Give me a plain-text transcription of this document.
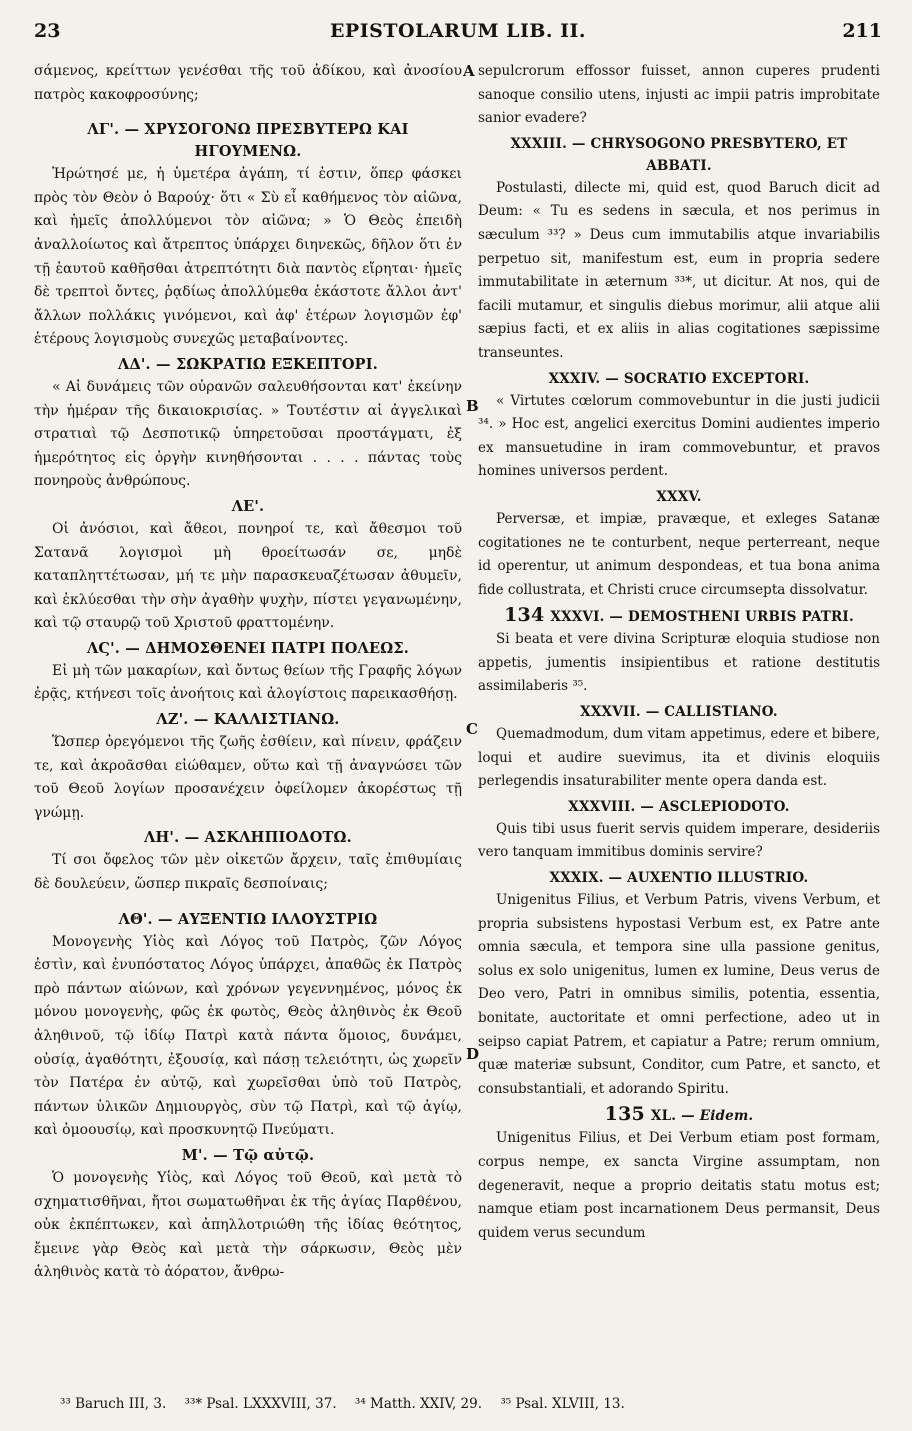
23	EPISTOLARUM LIB. II.	211
A
B
C
D

σάμενος, κρείττων γενέσθαι τῆς τοῦ ἀδίκου, καὶ ἀνοσίου πατρὸς κακοφροσύνης;

ΛΓ'. — ΧΡΥΣΟΓΟΝΩ ΠΡΕΣΒΥΤΕΡΩ ΚΑΙ ΗΓΟΥΜΕΝΩ.

Ἠρώτησέ με, ἡ ὑμετέρα ἀγάπη, τί ἐστιν, ὅπερ φάσκει πρὸς τὸν Θεὸν ὁ Βαρούχ· ὅτι « Σὺ εἶ καθήμενος τὸν αἰῶνα, καὶ ἡμεῖς ἀπολλύμενοι τὸν αἰῶνα; » Ὁ Θεὸς ἐπειδὴ ἀναλλοίωτος καὶ ἄτρεπτος ὑπάρχει διηνεκῶς, δῆλον ὅτι ἐν τῇ ἑαυτοῦ καθῆσθαι ἀτρεπτότητι διὰ παντὸς εἴρηται· ἡμεῖς δὲ τρεπτοὶ ὄντες, ῥᾳδίως ἀπολλύμεθα ἑκάστοτε ἄλλοι ἀντ' ἄλλων πολλάκις γινόμενοι, καὶ ἀφ' ἑτέρων λογισμῶν ἐφ' ἑτέρους λογισμοὺς συνεχῶς μεταβαίνοντες.

ΛΔ'. — ΣΩΚΡΑΤΙΩ ΕΞΚΕΠΤΟΡΙ.

« Αἱ δυνάμεις τῶν οὐρανῶν σαλευθήσονται κατ' ἐκείνην τὴν ἡμέραν τῆς δικαιοκρισίας. » Τουτέστιν αἱ ἀγγελικαὶ στρατιαὶ τῷ Δεσποτικῷ ὑπηρετοῦσαι προστάγματι, ἐξ ἡμερότητος εἰς ὀργὴν κινηθήσονται . . . . πάντας τοὺς πονηροὺς ἀνθρώπους.

ΛΕ'.

Οἱ ἀνόσιοι, καὶ ἄθεοι, πονηροί τε, καὶ ἄθεσμοι τοῦ Σατανᾶ λογισμοὶ μὴ θροείτωσάν σε, μηδὲ καταπληττέτωσαν, μή τε μὴν παρασκευαζέτωσαν ἀθυμεῖν, καὶ ἐκλύεσθαι τὴν σὴν ἀγαθὴν ψυχὴν, πίστει γεγανωμένην, καὶ τῷ σταυρῷ τοῦ Χριστοῦ φραττομένην.

ΛϚ'. — ΔΗΜΟΣΘΕΝΕΙ ΠΑΤΡΙ ΠΟΛΕΩΣ.

Εἰ μὴ τῶν μακαρίων, καὶ ὄντως θείων τῆς Γραφῆς λόγων ἐρᾷς, κτήνεσι τοῖς ἀνοήτοις καὶ ἀλογίστοις παρεικασθήσῃ.

ΛΖ'. — ΚΑΛΛΙΣΤΙΑΝΩ.

Ὥσπερ ὀρεγόμενοι τῆς ζωῆς ἐσθίειν, καὶ πίνειν, φράζειν τε, καὶ ἀκροᾶσθαι εἰώθαμεν, οὕτω καὶ τῇ ἀναγνώσει τῶν τοῦ Θεοῦ λογίων προσανέχειν ὀφείλομεν ἀκορέστως τῇ γνώμῃ.

ΛΗ'. — ΑΣΚΛΗΠΙΟΔΟΤΩ.

Τί σοι ὄφελος τῶν μὲν οἰκετῶν ἄρχειν, ταῖς ἐπιθυμίαις δὲ δουλεύειν, ὥσπερ πικραῖς δεσποίναις;

ΛΘ'. — ΑΥΞΕΝΤΙΩ ΙΛΛΟΥΣΤΡΙΩ

Μονογενὴς Υἱὸς καὶ Λόγος τοῦ Πατρὸς, ζῶν Λόγος ἐστὶν, καὶ ἐνυπόστατος Λόγος ὑπάρχει, ἀπαθῶς ἐκ Πατρὸς πρὸ πάντων αἰώνων, καὶ χρόνων γεγεννημένος, μόνος ἐκ μόνου μονογενὴς, φῶς ἐκ φωτὸς, Θεὸς ἀληθινὸς ἐκ Θεοῦ ἀληθινοῦ, τῷ ἰδίῳ Πατρὶ κατὰ πάντα ὅμοιος, δυνάμει, οὐσίᾳ, ἀγαθότητι, ἐξουσίᾳ, καὶ πάσῃ τελειότητι, ὡς χωρεῖν τὸν Πατέρα ἐν αὐτῷ, καὶ χωρεῖσθαι ὑπὸ τοῦ Πατρὸς, πάντων ὑλικῶν Δημιουργὸς, σὺν τῷ Πατρὶ, καὶ τῷ ἁγίῳ, καὶ ὁμοουσίῳ, καὶ προσκυνητῷ Πνεύματι.

Μ'. — Τῷ αὐτῷ.

Ὁ μονογενὴς Υἱὸς, καὶ Λόγος τοῦ Θεοῦ, καὶ μετὰ τὸ σχηματισθῆναι, ἤτοι σωματωθῆναι ἐκ τῆς ἁγίας Παρθένου, οὐκ ἐκπέπτωκεν, καὶ ἀπηλλοτριώθη τῆς ἰδίας θεότητος, ἔμεινε γὰρ Θεὸς καὶ μετὰ τὴν σάρκωσιν, Θεὸς μὲν ἀληθινὸς κατὰ τὸ ἀόρατον, ἄνθρω-

sepulcrorum effossor fuisset, annon cuperes prudenti sanoque consilio utens, injusti ac impii patris improbitate sanior evadere?

XXXIII. — CHRYSOGONO PRESBYTERO, ET ABBATI.

Postulasti, dilecte mi, quid est, quod Baruch dicit ad Deum: « Tu es sedens in sæcula, et nos perimus in sæculum ³³? » Deus cum immutabilis atque invariabilis perpetuo sit, manifestum est, eum in propria sedere immutabilitate in æternum ³³*, ut dicitur. At nos, qui de facili mutamur, et singulis diebus morimur, alii atque alii sæpius facti, et ex aliis in alias cogitationes sæpissime transeuntes.

XXXIV. — SOCRATIO EXCEPTORI.

« Virtutes cœlorum commovebuntur in die justi judicii ³⁴. » Hoc est, angelici exercitus Domini audientes imperio ex mansuetudine in iram commovebuntur, et pravos homines universos perdent.

XXXV.

Perversæ, et impiæ, pravæque, et exleges Satanæ cogitationes ne te conturbent, neque perterreant, neque id operentur, ut animum despondeas, et tua bona anima fide collustrata, et Christi cruce circumsepta dissolvatur.

134 XXXVI. — DEMOSTHENI URBIS PATRI.

Si beata et vere divina Scripturæ eloquia studiose non appetis, jumentis insipientibus et ratione destitutis assimilaberis ³⁵.

XXXVII. — CALLISTIANO.

Quemadmodum, dum vitam appetimus, edere et bibere, loqui et audire suevimus, ita et divinis eloquiis perlegendis insaturabiliter mente opera danda est.

XXXVIII. — ASCLEPIODOTO.

Quis tibi usus fuerit servis quidem imperare, desideriis vero tanquam immitibus dominis servire?

XXXIX. — AUXENTIO ILLUSTRIO.

Unigenitus Filius, et Verbum Patris, vivens Verbum, et propria subsistens hypostasi Verbum est, ex Patre ante omnia sæcula, et tempora sine ulla passione genitus, solus ex solo unigenitus, lumen ex lumine, Deus verus de Deo vero, Patri in omnibus similis, potentia, essentia, bonitate, auctoritate et omni perfectione, adeo ut in seipso capiat Patrem, et capiatur a Patre; rerum omnium, quæ materiæ subsunt, Conditor, cum Patre, et sancto, et consubstantiali, et adorando Spiritu.

135 XL. — Eidem.

Unigenitus Filius, et Dei Verbum etiam post formam, corpus nempe, ex sancta Virgine assumptam, non degeneravit, neque a proprio deitatis statu motus est; namque etiam post incarnationem Deus permansit, Deus quidem verus secundum

³³ Baruch III, 3. ³³* Psal. LXXXVIII, 37. ³⁴ Matth. XXIV, 29. ³⁵ Psal. XLVIII, 13.
